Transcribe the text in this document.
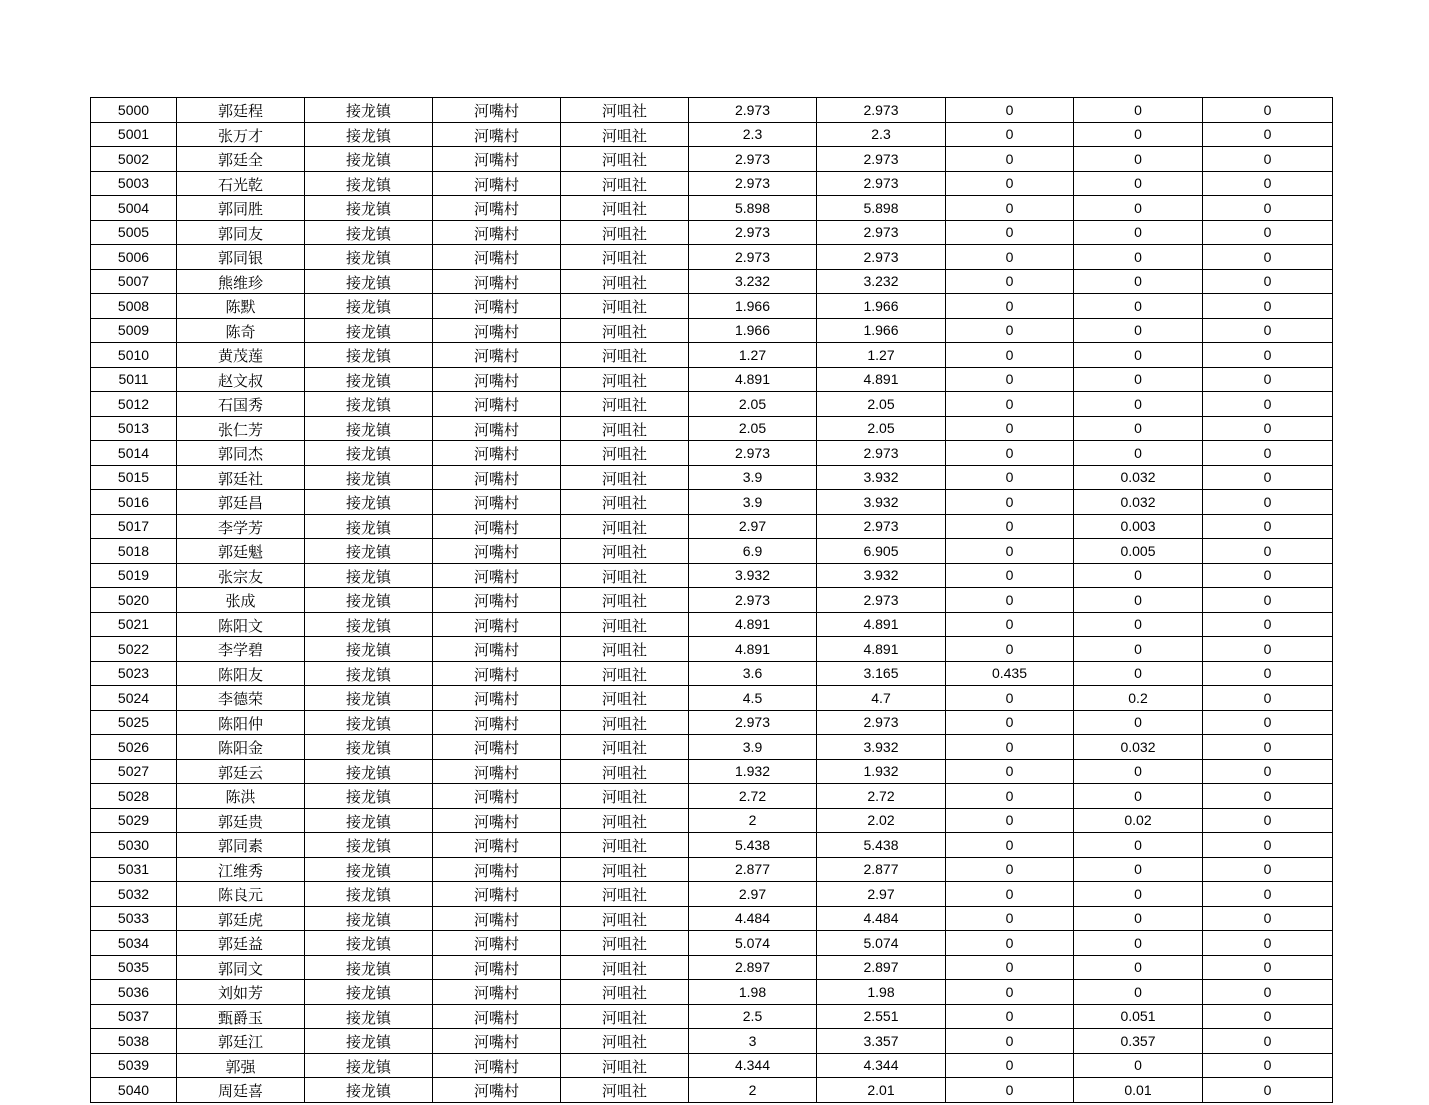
5000	郭廷程	接龙镇	河嘴村	河咀社	2.973	2.973	0	0	0
5001	张万才	接龙镇	河嘴村	河咀社	2.3	2.3	0	0	0
5002	郭廷全	接龙镇	河嘴村	河咀社	2.973	2.973	0	0	0
5003	石光乾	接龙镇	河嘴村	河咀社	2.973	2.973	0	0	0
5004	郭同胜	接龙镇	河嘴村	河咀社	5.898	5.898	0	0	0
5005	郭同友	接龙镇	河嘴村	河咀社	2.973	2.973	0	0	0
5006	郭同银	接龙镇	河嘴村	河咀社	2.973	2.973	0	0	0
5007	熊维珍	接龙镇	河嘴村	河咀社	3.232	3.232	0	0	0
5008	陈默	接龙镇	河嘴村	河咀社	1.966	1.966	0	0	0
5009	陈奇	接龙镇	河嘴村	河咀社	1.966	1.966	0	0	0
5010	黄茂莲	接龙镇	河嘴村	河咀社	1.27	1.27	0	0	0
5011	赵文叔	接龙镇	河嘴村	河咀社	4.891	4.891	0	0	0
5012	石国秀	接龙镇	河嘴村	河咀社	2.05	2.05	0	0	0
5013	张仁芳	接龙镇	河嘴村	河咀社	2.05	2.05	0	0	0
5014	郭同杰	接龙镇	河嘴村	河咀社	2.973	2.973	0	0	0
5015	郭廷社	接龙镇	河嘴村	河咀社	3.9	3.932	0	0.032	0
5016	郭廷昌	接龙镇	河嘴村	河咀社	3.9	3.932	0	0.032	0
5017	李学芳	接龙镇	河嘴村	河咀社	2.97	2.973	0	0.003	0
5018	郭廷魁	接龙镇	河嘴村	河咀社	6.9	6.905	0	0.005	0
5019	张宗友	接龙镇	河嘴村	河咀社	3.932	3.932	0	0	0
5020	张成	接龙镇	河嘴村	河咀社	2.973	2.973	0	0	0
5021	陈阳文	接龙镇	河嘴村	河咀社	4.891	4.891	0	0	0
5022	李学碧	接龙镇	河嘴村	河咀社	4.891	4.891	0	0	0
5023	陈阳友	接龙镇	河嘴村	河咀社	3.6	3.165	0.435	0	0
5024	李德荣	接龙镇	河嘴村	河咀社	4.5	4.7	0	0.2	0
5025	陈阳仲	接龙镇	河嘴村	河咀社	2.973	2.973	0	0	0
5026	陈阳金	接龙镇	河嘴村	河咀社	3.9	3.932	0	0.032	0
5027	郭廷云	接龙镇	河嘴村	河咀社	1.932	1.932	0	0	0
5028	陈洪	接龙镇	河嘴村	河咀社	2.72	2.72	0	0	0
5029	郭廷贵	接龙镇	河嘴村	河咀社	2	2.02	0	0.02	0
5030	郭同素	接龙镇	河嘴村	河咀社	5.438	5.438	0	0	0
5031	江维秀	接龙镇	河嘴村	河咀社	2.877	2.877	0	0	0
5032	陈良元	接龙镇	河嘴村	河咀社	2.97	2.97	0	0	0
5033	郭廷虎	接龙镇	河嘴村	河咀社	4.484	4.484	0	0	0
5034	郭廷益	接龙镇	河嘴村	河咀社	5.074	5.074	0	0	0
5035	郭同文	接龙镇	河嘴村	河咀社	2.897	2.897	0	0	0
5036	刘如芳	接龙镇	河嘴村	河咀社	1.98	1.98	0	0	0
5037	甄爵玉	接龙镇	河嘴村	河咀社	2.5	2.551	0	0.051	0
5038	郭廷江	接龙镇	河嘴村	河咀社	3	3.357	0	0.357	0
5039	郭强	接龙镇	河嘴村	河咀社	4.344	4.344	0	0	0
5040	周廷喜	接龙镇	河嘴村	河咀社	2	2.01	0	0.01	0
